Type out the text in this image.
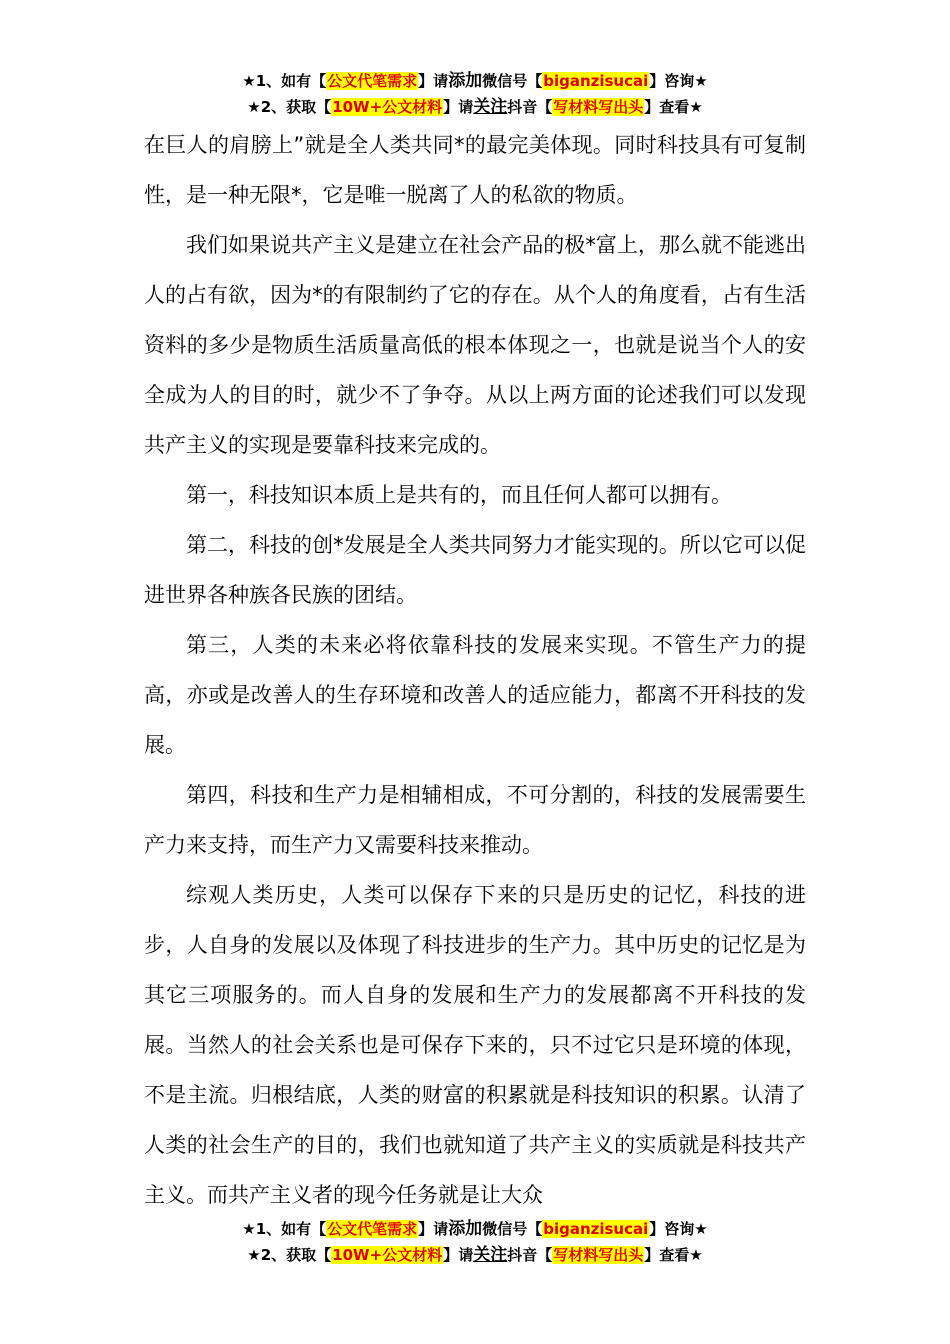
★1、如有【公文代笔需求】请添加微信号【biganzisucai】咨询★
★2、获取【10W+公文材料】请关注抖音【写材料写出头】查看★

在巨人的肩膀上”就是全人类共同*的最完美体现。同时科技具有可复制性，是一种无限*，它是唯一脱离了人的私欲的物质。

我们如果说共产主义是建立在社会产品的极*富上，那么就不能逃出人的占有欲，因为*的有限制约了它的存在。从个人的角度看，占有生活资料的多少是物质生活质量高低的根本体现之一，也就是说当个人的安全成为人的目的时，就少不了争夺。从以上两方面的论述我们可以发现共产主义的实现是要靠科技来完成的。

第一，科技知识本质上是共有的，而且任何人都可以拥有。

第二，科技的创*发展是全人类共同努力才能实现的。所以它可以促进世界各种族各民族的团结。

第三，人类的未来必将依靠科技的发展来实现。不管生产力的提高，亦或是改善人的生存环境和改善人的适应能力，都离不开科技的发展。

第四，科技和生产力是相辅相成，不可分割的，科技的发展需要生产力来支持，而生产力又需要科技来推动。

综观人类历史，人类可以保存下来的只是历史的记忆，科技的进步，人自身的发展以及体现了科技进步的生产力。其中历史的记忆是为其它三项服务的。而人自身的发展和生产力的发展都离不开科技的发展。当然人的社会关系也是可保存下来的，只不过它只是环境的体现，不是主流。归根结底，人类的财富的积累就是科技知识的积累。认清了人类的社会生产的目的，我们也就知道了共产主义的实质就是科技共产主义。而共产主义者的现今任务就是让大众

★1、如有【公文代笔需求】请添加微信号【biganzisucai】咨询★
★2、获取【10W+公文材料】请关注抖音【写材料写出头】查看★
